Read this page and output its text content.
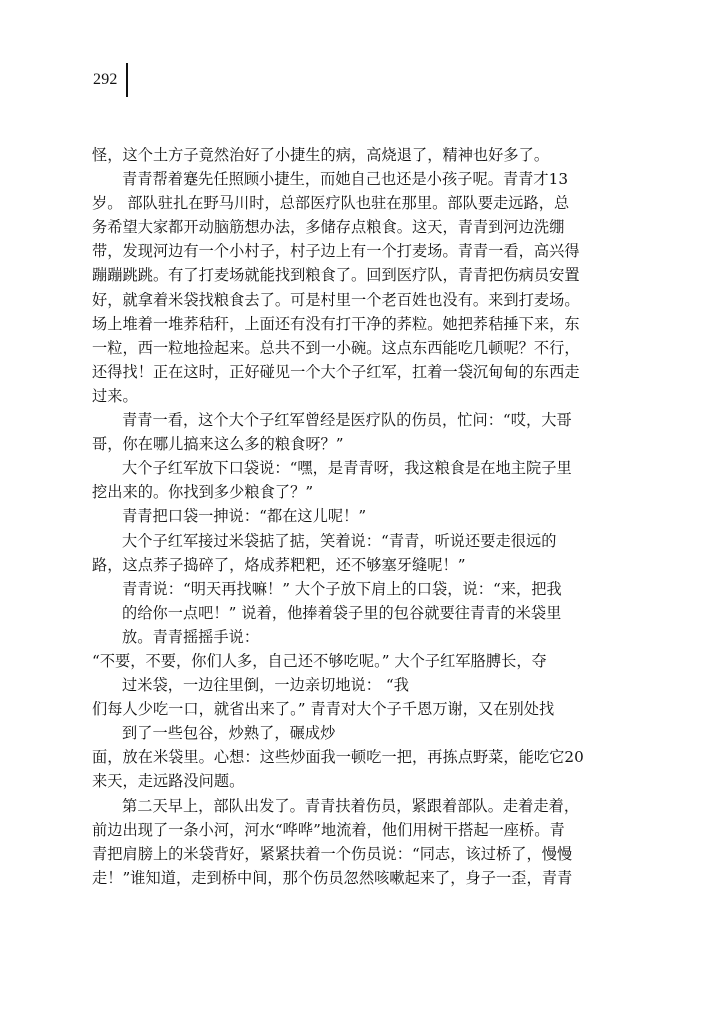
292
怪，这个土方子竟然治好了小捷生的病，高烧退了，精神也好多了。
青青帮着蹇先任照顾小捷生，而她自己也还是小孩子呢。青青才13
岁。 部队驻扎在野马川时，总部医疗队也驻在那里。部队要走远路，总
务希望大家都开动脑筋想办法，多储存点粮食。这天，青青到河边洗绷
带，发现河边有一个小村子，村子边上有一个打麦场。青青一看，高兴得
蹦蹦跳跳。有了打麦场就能找到粮食了。回到医疗队，青青把伤病员安置
好，就拿着米袋找粮食去了。可是村里一个老百姓也没有。来到打麦场。
场上堆着一堆荞秸秆，上面还有没有打干净的荞粒。她把荞秸捶下来，东
一粒，西一粒地捡起来。总共不到一小碗。这点东西能吃几顿呢？不行，
还得找！正在这时，正好碰见一个大个子红军，扛着一袋沉甸甸的东西走
过来。
青青一看，这个大个子红军曾经是医疗队的伤员，忙问：“哎，大哥
哥，你在哪儿搞来这么多的粮食呀？”
大个子红军放下口袋说：“嘿，是青青呀，我这粮食是在地主院子里
挖出来的。你找到多少粮食了？”
青青把口袋一抻说：“都在这儿呢！”
大个子红军接过米袋掂了掂，笑着说：“青青，听说还要走很远的
路，这点荞子捣碎了，烙成荞粑粑，还不够塞牙缝呢！”
青青说：“明天再找嘛！” 大个子放下肩上的口袋，说：“来，把我
的给你一点吧！” 说着，他捧着袋子里的包谷就要往青青的米袋里
放。青青摇摇手说：
“不要，不要，你们人多，自己还不够吃呢。” 大个子红军胳膊长，夺
过米袋，一边往里倒，一边亲切地说： “我
们每人少吃一口，就省出来了。” 青青对大个子千恩万谢，又在别处找
到了一些包谷，炒熟了，碾成炒
面，放在米袋里。心想：这些炒面我一顿吃一把，再拣点野菜，能吃它20
来天，走远路没问题。
第二天早上，部队出发了。青青扶着伤员，紧跟着部队。走着走着，
前边出现了一条小河，河水“哗哗”地流着，他们用树干搭起一座桥。青
青把肩膀上的米袋背好，紧紧扶着一个伤员说：“同志，该过桥了，慢慢
走！”谁知道，走到桥中间，那个伤员忽然咳嗽起来了，身子一歪，青青
